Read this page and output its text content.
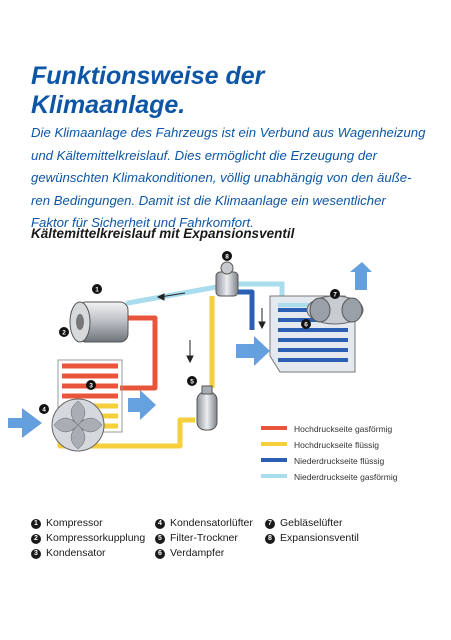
Funktionsweise der
Klimaanlage.
Die Klimaanlage des Fahrzeugs ist ein Verbund aus Wagenheizung
und Kältemittelkreislauf. Dies ermöglicht die Erzeugung der
gewünschten Klimakonditionen, völlig unabhängig von den äuße-
ren Bedingungen. Damit ist die Klimaanlage ein wesentlicher
Faktor für Sicherheit und Fahrkomfort.
Kältemittelkreislauf mit Expansionsventil
1
2
3
4
5
6
7
8
Hochdruckseite gasförmig
Hochdruckseite flüssig
Niederdruckseite flüssig
Niederdruckseite gasförmig
1 Kompressor
2 Kompressorkupplung
3 Kondensator
4 Kondensatorlüfter
5 Filter-Trockner
6 Verdampfer
7 Gebläselüfter
8 Expansionsventil
